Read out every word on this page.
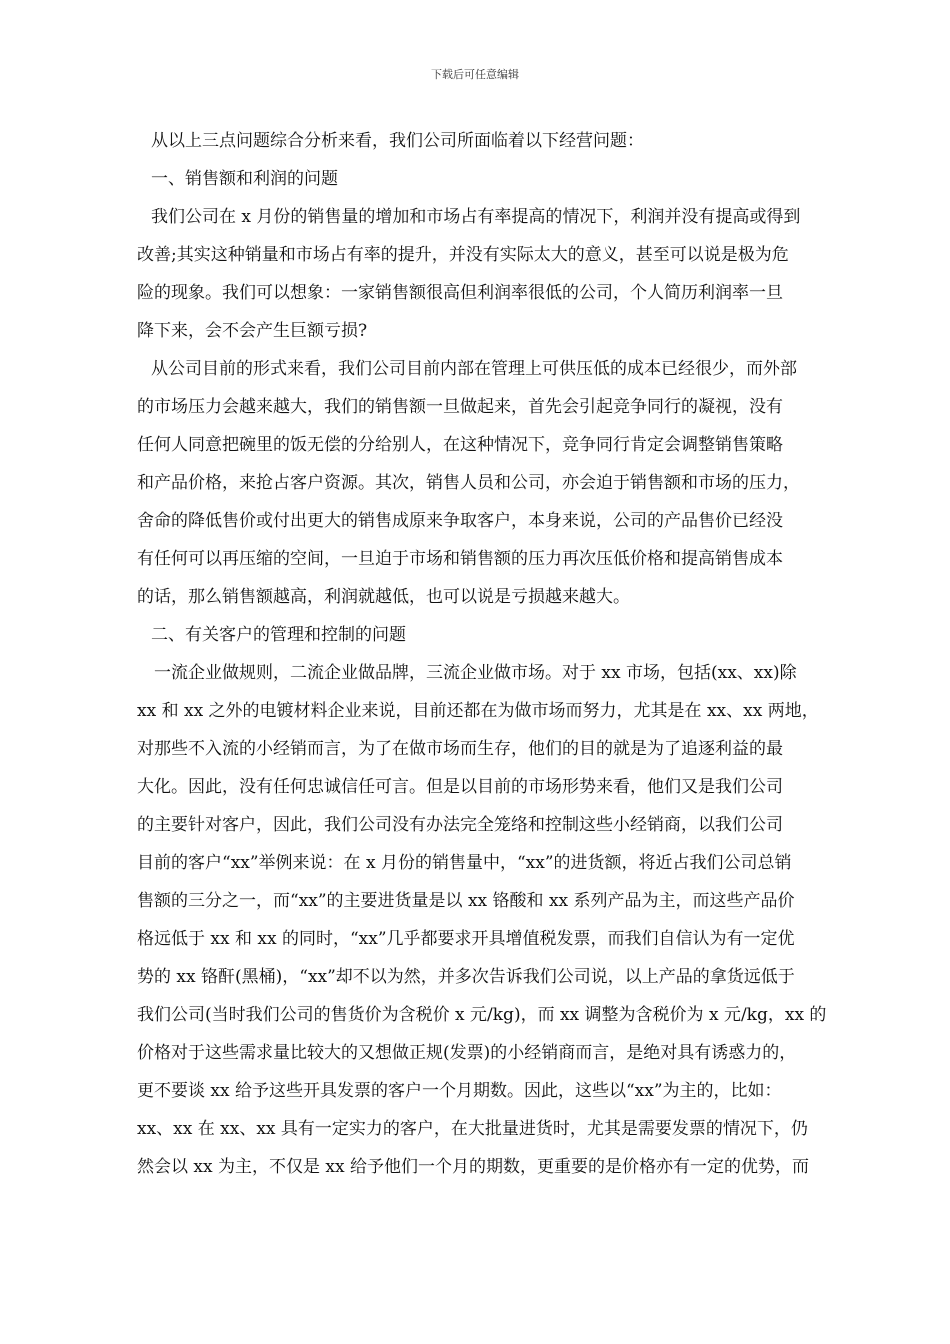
下载后可任意编辑
从以上三点问题综合分析来看，我们公司所面临着以下经营问题：
一、销售额和利润的问题
我们公司在 x 月份的销售量的增加和市场占有率提高的情况下，利润并没有提高或得到
改善;其实这种销量和市场占有率的提升，并没有实际太大的意义，甚至可以说是极为危
险的现象。我们可以想象：一家销售额很高但利润率很低的公司，个人简历利润率一旦
降下来，会不会产生巨额亏损?
从公司目前的形式来看，我们公司目前内部在管理上可供压低的成本已经很少，而外部
的市场压力会越来越大，我们的销售额一旦做起来，首先会引起竞争同行的凝视，没有
任何人同意把碗里的饭无偿的分给别人，在这种情况下，竞争同行肯定会调整销售策略
和产品价格，来抢占客户资源。其次，销售人员和公司，亦会迫于销售额和市场的压力，
舍命的降低售价或付出更大的销售成原来争取客户，本身来说，公司的产品售价已经没
有任何可以再压缩的空间，一旦迫于市场和销售额的压力再次压低价格和提高销售成本
的话，那么销售额越高，利润就越低，也可以说是亏损越来越大。
二、有关客户的管理和控制的问题
一流企业做规则，二流企业做品牌，三流企业做市场。对于 xx 市场，包括(xx、xx)除
xx 和 xx 之外的电镀材料企业来说，目前还都在为做市场而努力，尤其是在 xx、xx 两地，
对那些不入流的小经销而言，为了在做市场而生存，他们的目的就是为了追逐利益的最
大化。因此，没有任何忠诚信任可言。但是以目前的市场形势来看，他们又是我们公司
的主要针对客户，因此，我们公司没有办法完全笼络和控制这些小经销商，以我们公司
目前的客户“xx”举例来说：在 x 月份的销售量中，“xx”的进货额，将近占我们公司总销
售额的三分之一，而“xx”的主要进货量是以 xx 铬酸和 xx 系列产品为主，而这些产品价
格远低于 xx 和 xx 的同时，“xx”几乎都要求开具增值税发票，而我们自信认为有一定优
势的 xx 铬酐(黑桶)，“xx”却不以为然，并多次告诉我们公司说，以上产品的拿货远低于
我们公司(当时我们公司的售货价为含税价 x 元/kg)，而 xx 调整为含税价为 x 元/kg，xx 的
价格对于这些需求量比较大的又想做正规(发票)的小经销商而言，是绝对具有诱惑力的，
更不要谈 xx 给予这些开具发票的客户一个月期数。因此，这些以“xx”为主的，比如：
xx、xx 在 xx、xx 具有一定实力的客户，在大批量进货时，尤其是需要发票的情况下，仍
然会以 xx 为主，不仅是 xx 给予他们一个月的期数，更重要的是价格亦有一定的优势，而
